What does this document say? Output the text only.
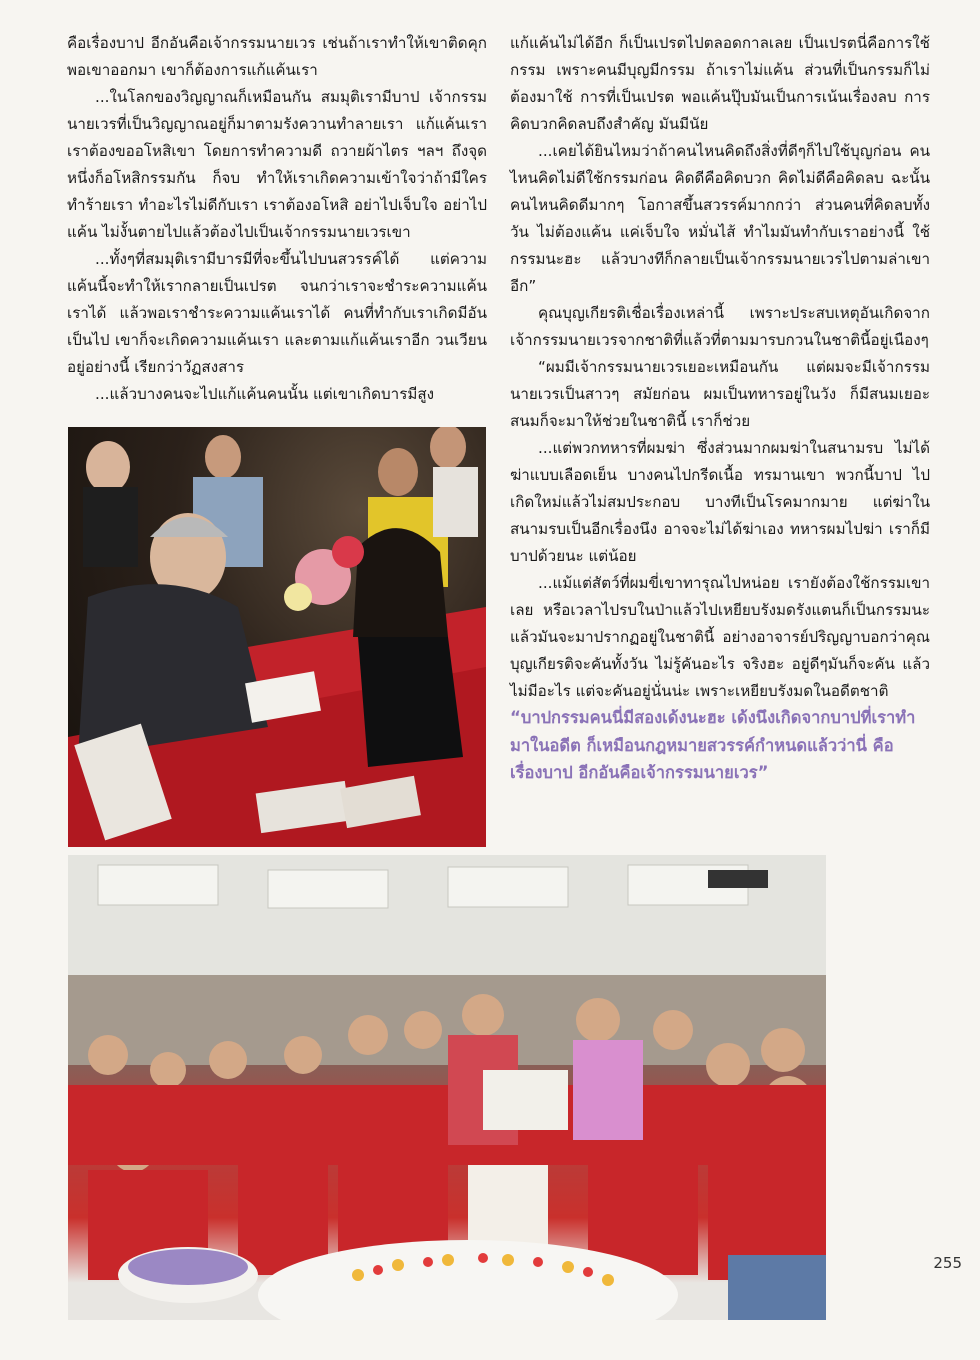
คือเรื่องบาป อีกอันคือเจ้ากรรมนายเวร เช่นถ้าเราทำให้เขาติดคุก พอเขาออกมา เขาก็ต้องการแก้แค้นเรา

...ในโลกของวิญญาณก็เหมือนกัน สมมุติเรามีบาป เจ้ากรรมนายเวรที่เป็นวิญญาณอยู่ก็มาตามรังควานทำลายเรา แก้แค้นเรา เราต้องขออโหสิเขา โดยการทำความดี ถวายผ้าไตร ฯลฯ ถึงจุดหนึ่งก็อโหสิกรรมกัน ก็จบ ทำให้เราเกิดความเข้าใจว่าถ้ามีใครทำร้ายเรา ทำอะไรไม่ดีกับเรา เราต้องอโหสิ อย่าไปเจ็บใจ อย่าไปแค้น ไม่งั้นตายไปแล้วต้องไปเป็นเจ้ากรรมนายเวรเขา

...ทั้งๆที่สมมุติเรามีบารมีที่จะขึ้นไปบนสวรรค์ได้ แต่ความแค้นนี้จะทำให้เรากลายเป็นเปรต จนกว่าเราจะชำระความแค้นเราได้ แล้วพอเราชำระความแค้นเราได้ คนที่ทำกับเราเกิดมีอันเป็นไป เขาก็จะเกิดความแค้นเรา และตามแก้แค้นเราอีก วนเวียนอยู่อย่างนี้ เรียกว่าวัฏสงสาร

...แล้วบางคนจะไปแก้แค้นคนนั้น แต่เขาเกิดบารมีสูง

แก้แค้นไม่ได้อีก ก็เป็นเปรตไปตลอดกาลเลย เป็นเปรตนี่คือการใช้กรรม เพราะคนมีบุญมีกรรม ถ้าเราไม่แค้น ส่วนที่เป็นกรรมก็ไม่ต้องมาใช้ การที่เป็นเปรต พอแค้นปุ๊บมันเป็นการเน้นเรื่องลบ การคิดบวกคิดลบถึงสำคัญ มันมีนัย

...เคยได้ยินไหมว่าถ้าคนไหนคิดถึงสิ่งที่ดีๆก็ไปใช้บุญก่อน คนไหนคิดไม่ดีใช้กรรมก่อน คิดดีคือคิดบวก คิดไม่ดีคือคิดลบ ฉะนั้นคนไหนคิดดีมากๆ โอกาสขึ้นสวรรค์มากกว่า ส่วนคนที่คิดลบทั้งวัน ไม่ต้องแค้น แค่เจ็บใจ หมั่นไส้ ทำไมมันทำกับเราอย่างนี้ ใช้กรรมนะฮะ แล้วบางทีก็กลายเป็นเจ้ากรรมนายเวรไปตามล่าเขาอีก”

คุณบุญเกียรติเชื่อเรื่องเหล่านี้ เพราะประสบเหตุอันเกิดจากเจ้ากรรมนายเวรจากชาติที่แล้วที่ตามมารบกวนในชาตินี้อยู่เนืองๆ

“ผมมีเจ้ากรรมนายเวรเยอะเหมือนกัน แต่ผมจะมีเจ้ากรรมนายเวรเป็นสาวๆ สมัยก่อน ผมเป็นทหารอยู่ในวัง ก็มีสนมเยอะ สนมก็จะมาให้ช่วยในชาตินี้ เราก็ช่วย

...แต่พวกทหารที่ผมฆ่า ซึ่งส่วนมากผมฆ่าในสนามรบ ไม่ได้ฆ่าแบบเลือดเย็น บางคนไปกรีดเนื้อ ทรมานเขา พวกนี้บาป ไปเกิดใหม่แล้วไม่สมประกอบ บางทีเป็นโรคมากมาย แต่ฆ่าในสนามรบเป็นอีกเรื่องนึง อาจจะไม่ได้ฆ่าเอง ทหารผมไปฆ่า เราก็มีบาปด้วยนะ แต่น้อย

...แม้แต่สัตว์ที่ผมขี่เขาทารุณไปหน่อย เรายังต้องใช้กรรมเขาเลย หรือเวลาไปรบในป่าแล้วไปเหยียบรังมดรังแตนก็เป็นกรรมนะ แล้วมันจะมาปรากฏอยู่ในชาตินี้ อย่างอาจารย์ปริญญาบอกว่าคุณบุญเกียรติจะคันทั้งวัน ไม่รู้คันอะไร จริงฮะ อยู่ดีๆมันก็จะคัน แล้วไม่มีอะไร แต่จะคันอยู่นั่นน่ะ เพราะเหยียบรังมดในอดีตชาติ

“บาปกรรมคนนี่มีสองเด้งนะฮะ เด้งนึงเกิดจากบาปที่เราทำมาในอดีต ก็เหมือนกฎหมายสวรรค์กำหนดแล้วว่านี่ คือเรื่องบาป อีกอันคือเจ้ากรรมนายเวร”
255
